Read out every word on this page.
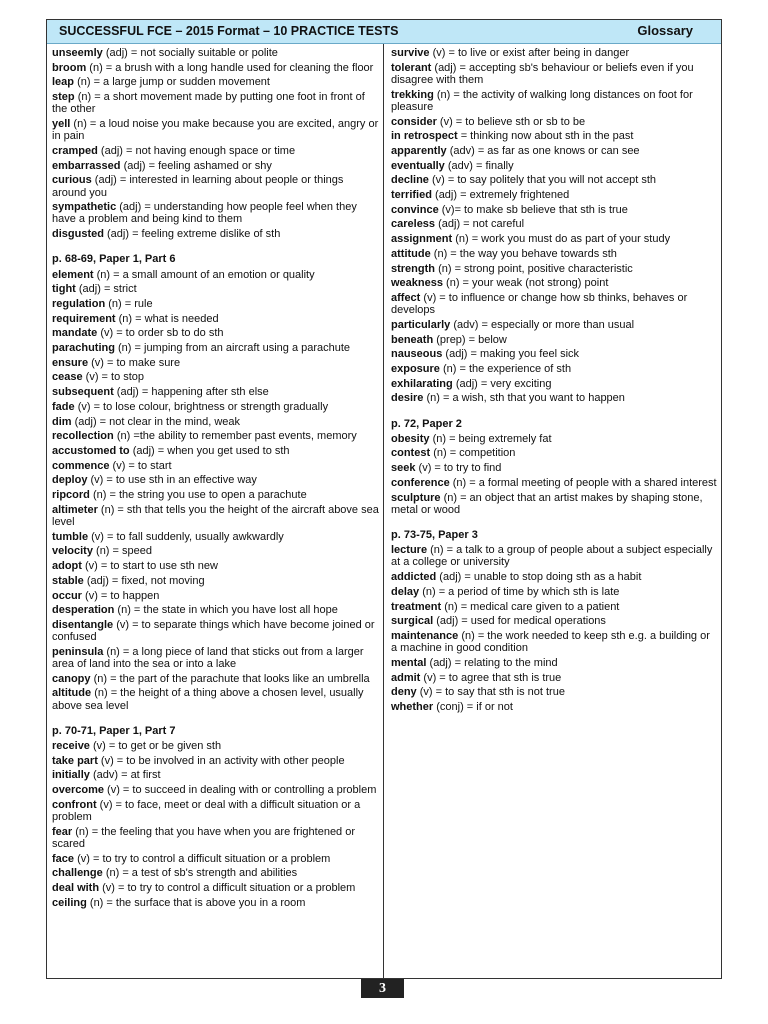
SUCCESSFUL FCE – 2015 Format – 10 PRACTICE TESTS	Glossary
unseemly (adj) = not socially suitable or polite
broom (n) = a brush with a long handle used for cleaning the floor
leap (n) = a large jump or sudden movement
step (n) = a short movement made by putting one foot in front of the other
yell (n) = a loud noise you make because you are excited, angry or in pain
cramped (adj) = not having enough space or time
embarrassed (adj) = feeling ashamed or shy
curious (adj) = interested in learning about people or things around you
sympathetic (adj) = understanding how people feel when they have a problem and being kind to them
disgusted (adj) = feeling extreme dislike of sth
p. 68-69, Paper 1, Part 6
element (n) = a small amount of an emotion or quality
tight (adj) = strict
regulation (n) = rule
requirement (n) = what is needed
mandate (v) = to order sb to do sth
parachuting (n) = jumping from an aircraft using a parachute
ensure (v) = to make sure
cease (v) = to stop
subsequent (adj) = happening after sth else
fade (v) = to lose colour, brightness or strength gradually
dim (adj) = not clear in the mind, weak
recollection (n) =the ability to remember past events, memory
accustomed to (adj) = when you get used to sth
commence (v) = to start
deploy (v) = to use sth in an effective way
ripcord (n) = the string you use to open a parachute
altimeter (n) = sth that tells you the height of the aircraft above sea level
tumble (v) = to fall suddenly, usually awkwardly
velocity (n) = speed
adopt (v) = to start to use sth new
stable (adj) = fixed, not moving
occur (v) = to happen
desperation (n) = the state in which you have lost all hope
disentangle (v) = to separate things which have become joined or confused
peninsula (n) = a long piece of land that sticks out from a larger area of land into the sea or into a lake
canopy (n) = the part of the parachute that looks like an umbrella
altitude (n) = the height of a thing above a chosen level, usually above sea level
p. 70-71, Paper 1, Part 7
receive (v) = to get or be given sth
take part (v) = to be involved in an activity with other people
initially (adv) = at first
overcome (v) = to succeed in dealing with or controlling a problem
confront (v) = to face, meet or deal with a difficult situation or a problem
fear (n) = the feeling that you have when you are frightened or scared
face (v) = to try to control a difficult situation or a problem
challenge (n) = a test of sb's strength and abilities
deal with (v) = to try to control a difficult situation or a problem
ceiling (n) = the surface that is above you in a room
survive (v) = to live or exist after being in danger
tolerant (adj) = accepting sb's behaviour or beliefs even if you disagree with them
trekking (n) = the activity of walking long distances on foot for pleasure
consider (v) = to believe sth or sb to be
in retrospect = thinking now about sth in the past
apparently (adv) = as far as one knows or can see
eventually (adv) = finally
decline (v) = to say politely that you will not accept sth
terrified (adj) = extremely frightened
convince (v)= to make sb believe that sth is true
careless (adj) = not careful
assignment (n) = work you must do as part of your study
attitude (n) = the way you behave towards sth
strength (n) = strong point, positive characteristic
weakness (n) = your weak (not strong) point
affect (v) = to influence or change how sb thinks, behaves or develops
particularly (adv) = especially or more than usual
beneath (prep) = below
nauseous (adj) = making you feel sick
exposure (n) = the experience of sth
exhilarating (adj) = very exciting
desire (n) = a wish, sth that you want to happen
p. 72, Paper 2
obesity (n) = being extremely fat
contest (n) = competition
seek (v) = to try to find
conference (n) = a formal meeting of people with a shared interest
sculpture (n) = an object that an artist makes by shaping stone, metal or wood
p. 73-75, Paper 3
lecture (n) = a talk to a group of people about a subject especially at a college or university
addicted (adj) = unable to stop doing sth as a habit
delay (n) = a period of time by which sth is late
treatment (n) = medical care given to a patient
surgical (adj) = used for medical operations
maintenance (n) = the work needed to keep sth e.g. a building or a machine in good condition
mental (adj) = relating to the mind
admit (v) = to agree that sth is true
deny (v) = to say that sth is not true
whether (conj) = if or not
3
